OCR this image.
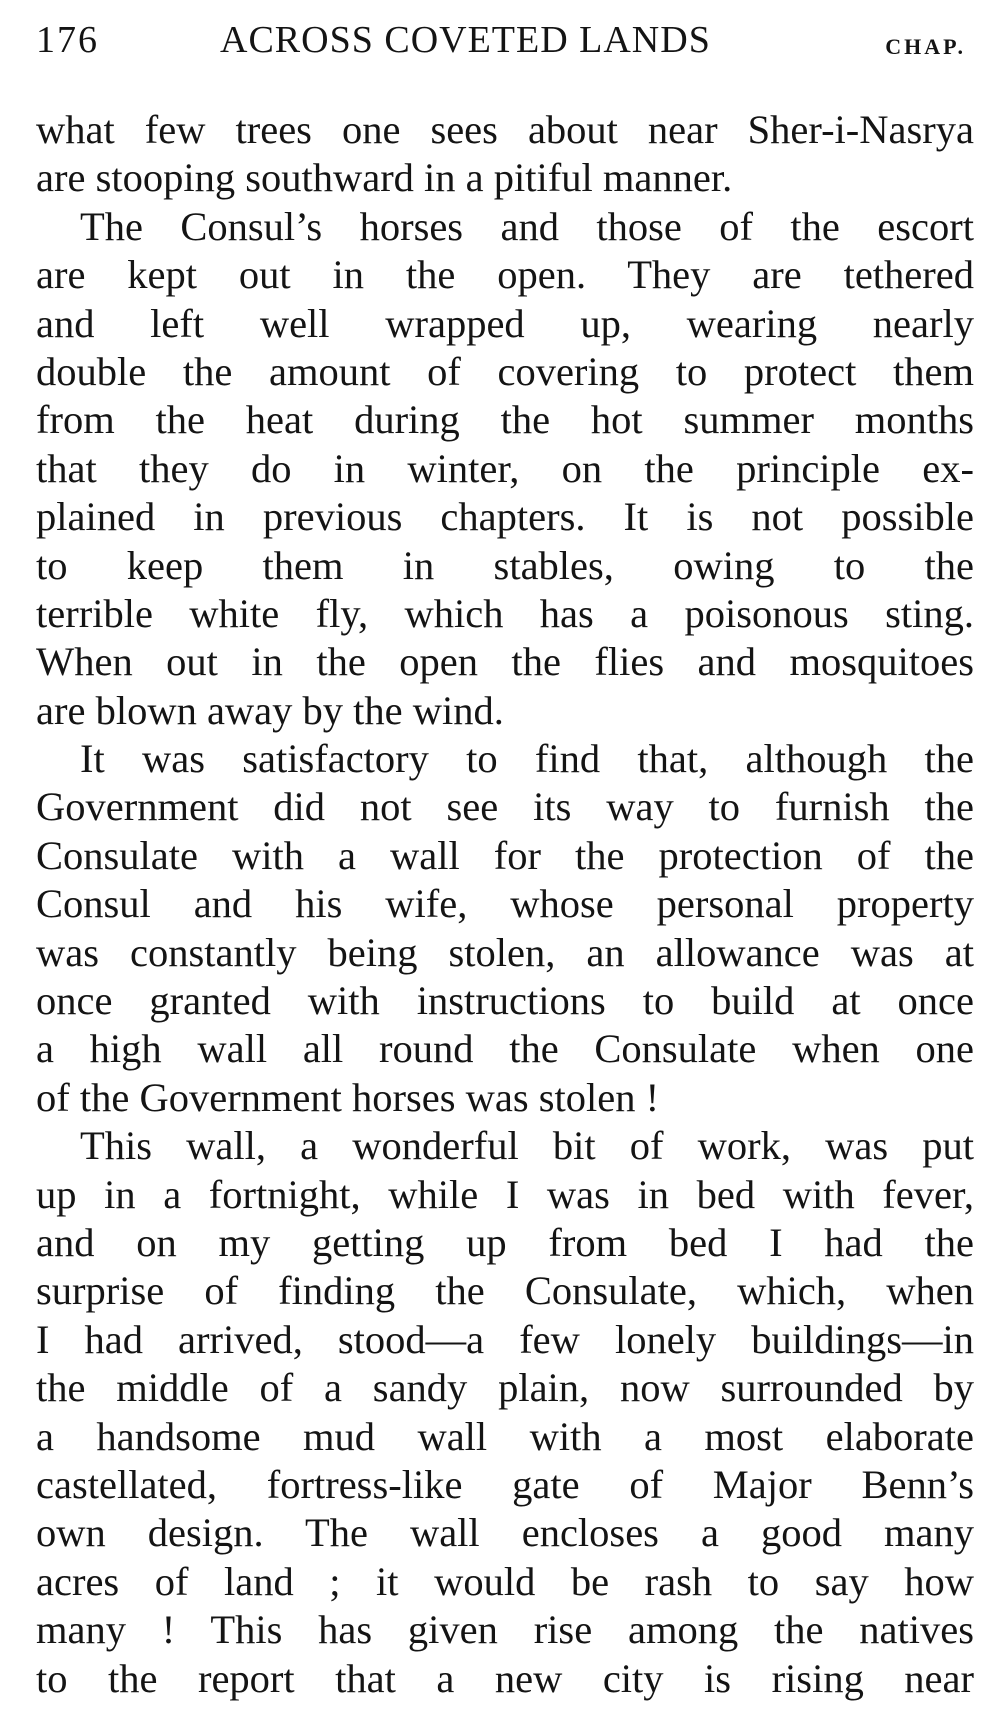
176	ACROSS COVETED LANDS	CHAP.
what few trees one sees about near Sher-i-Nasrya
are stooping southward in a pitiful manner.
The Consul’s horses and those of the escort
are kept out in the open. They are tethered
and left well wrapped up, wearing nearly
double the amount of covering to protect them
from the heat during the hot summer months
that they do in winter, on the principle ex-
plained in previous chapters. It is not possible
to keep them in stables, owing to the
terrible white fly, which has a poisonous sting.
When out in the open the flies and mosquitoes
are blown away by the wind.
It was satisfactory to find that, although the
Government did not see its way to furnish the
Consulate with a wall for the protection of the
Consul and his wife, whose personal property
was constantly being stolen, an allowance was at
once granted with instructions to build at once
a high wall all round the Consulate when one
of the Government horses was stolen !
This wall, a wonderful bit of work, was put
up in a fortnight, while I was in bed with fever,
and on my getting up from bed I had the
surprise of finding the Consulate, which, when
I had arrived, stood—a few lonely buildings—in
the middle of a sandy plain, now surrounded by
a handsome mud wall with a most elaborate
castellated, fortress-like gate of Major Benn’s
own design. The wall encloses a good many
acres of land ; it would be rash to say how
many ! This has given rise among the natives
to the report that a new city is rising near
